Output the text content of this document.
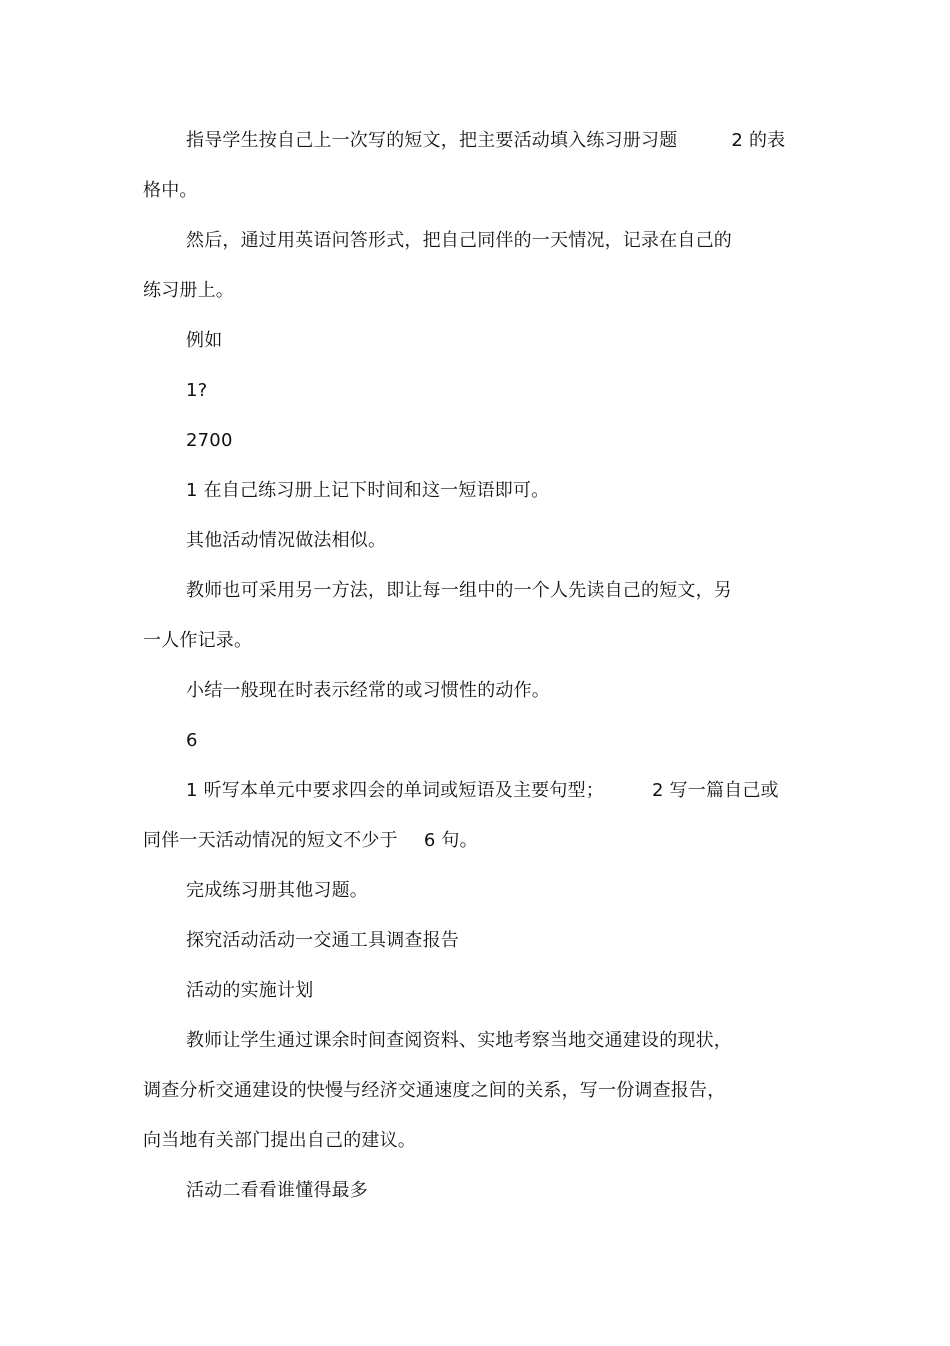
指导学生按自己上一次写的短文，把主要活动填入练习册习题	2 的表
格中。
然后，通过用英语问答形式，把自己同伴的一天情况，记录在自己的
练习册上。
例如
1?
2700
1 在自己练习册上记下时间和这一短语即可。
其他活动情况做法相似。
教师也可采用另一方法，即让每一组中的一个人先读自己的短文，另
一人作记录。
小结一般现在时表示经常的或习惯性的动作。
6
1 听写本单元中要求四会的单词或短语及主要句型；	2 写一篇自己或
同伴一天活动情况的短文不少于 6 句。
完成练习册其他习题。
探究活动活动一交通工具调查报告
活动的实施计划
教师让学生通过课余时间查阅资料、实地考察当地交通建设的现状，
调查分析交通建设的快慢与经济交通速度之间的关系，写一份调查报告，
向当地有关部门提出自己的建议。
活动二看看谁懂得最多
